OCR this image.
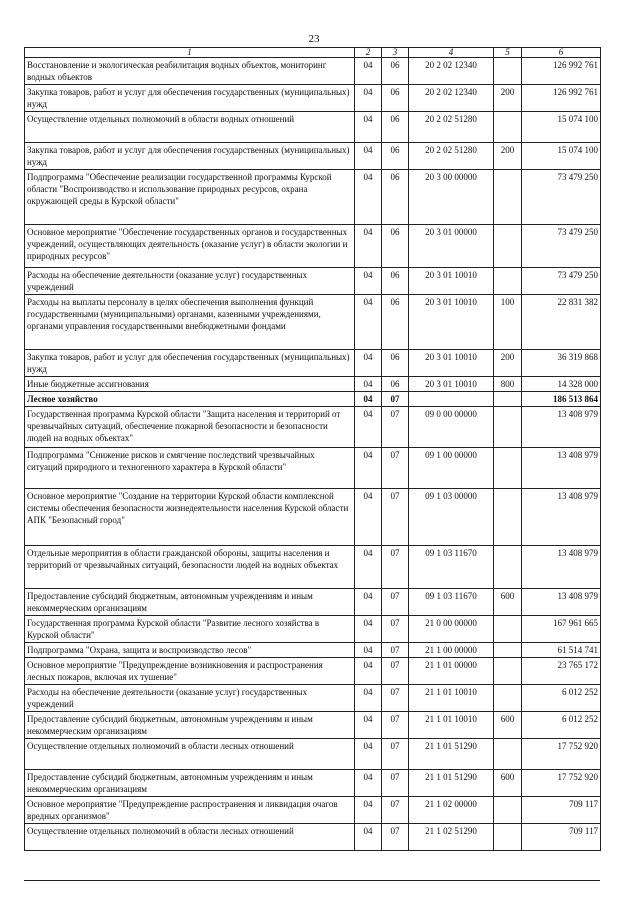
23
1	2	3	4	5	6
Восстановление и экологическая реабилитация водных объектов, мониторинг водных объектов	04	06	20 2 02 12340		126 992 761
Закупка товаров, работ и услуг для обеспечения государственных (муниципальных) нужд	04	06	20 2 02 12340	200	126 992 761
Осуществление отдельных полномочий в области водных отношений	04	06	20 2 02 51280		15 074 100
Закупка товаров, работ и услуг для обеспечения государственных (муниципальных) нужд	04	06	20 2 02 51280	200	15 074 100
Подпрограмма "Обеспечение реализации государственной программы Курской области "Воспроизводство и использование природных ресурсов, охрана окружающей среды в Курской области"	04	06	20 3 00 00000		73 479 250
Основное мероприятие "Обеспечение государственных органов и государственных учреждений, осуществляющих деятельность (оказание услуг) в области экологии и природных ресурсов"	04	06	20 3 01 00000		73 479 250
Расходы на обеспечение деятельности (оказание услуг) государственных учреждений	04	06	20 3 01 10010		73 479 250
Расходы на выплаты персоналу в целях обеспечения выполнения функций государственными (муниципальными) органами, казенными учреждениями, органами управления государственными внебюджетными фондами	04	06	20 3 01 10010	100	22 831 382
Закупка товаров, работ и услуг для обеспечения государственных (муниципальных) нужд	04	06	20 3 01 10010	200	36 319 868
Иные бюджетные ассигнования	04	06	20 3 01 10010	800	14 328 000
Лесное хозяйство	04	07			186 513 864
Государственная программа Курской области "Защита населения и территорий от чрезвычайных ситуаций, обеспечение пожарной безопасности и безопасности людей на водных объектах"	04	07	09 0 00 00000		13 408 979
Подпрограмма "Снижение рисков и смягчение последствий чрезвычайных ситуаций природного и техногенного характера в Курской области"	04	07	09 1 00 00000		13 408 979
Основное мероприятие "Создание на территории Курской области комплексной системы обеспечения безопасности жизнедеятельности населения Курской области АПК "Безопасный город"	04	07	09 1 03 00000		13 408 979
Отдельные мероприятия в области гражданской обороны, защиты населения и территорий от чрезвычайных ситуаций, безопасности людей на водных объектах	04	07	09 1 03 11670		13 408 979
Предоставление субсидий бюджетным, автономным учреждениям и иным некоммерческим организациям	04	07	09 1 03 11670	600	13 408 979
Государственная программа Курской области "Развитие лесного хозяйства в Курской области"	04	07	21 0 00 00000		167 961 665
Подпрограмма "Охрана, защита и воспроизводство лесов"	04	07	21 1 00 00000		61 514 741
Основное мероприятие "Предупреждение возникновения и распространения лесных пожаров, включая их тушение"	04	07	21 1 01 00000		23 765 172
Расходы на обеспечение деятельности (оказание услуг) государственных учреждений	04	07	21 1 01 10010		6 012 252
Предоставление субсидий бюджетным, автономным учреждениям и иным некоммерческим организациям	04	07	21 1 01 10010	600	6 012 252
Осуществление отдельных полномочий в области лесных отношений	04	07	21 1 01 51290		17 752 920
Предоставление субсидий бюджетным, автономным учреждениям и иным некоммерческим организациям	04	07	21 1 01 51290	600	17 752 920
Основное мероприятие "Предупреждение распространения и ликвидация очагов вредных организмов"	04	07	21 1 02 00000		709 117
Осуществление отдельных полномочий в области лесных отношений	04	07	21 1 02 51290		709 117
